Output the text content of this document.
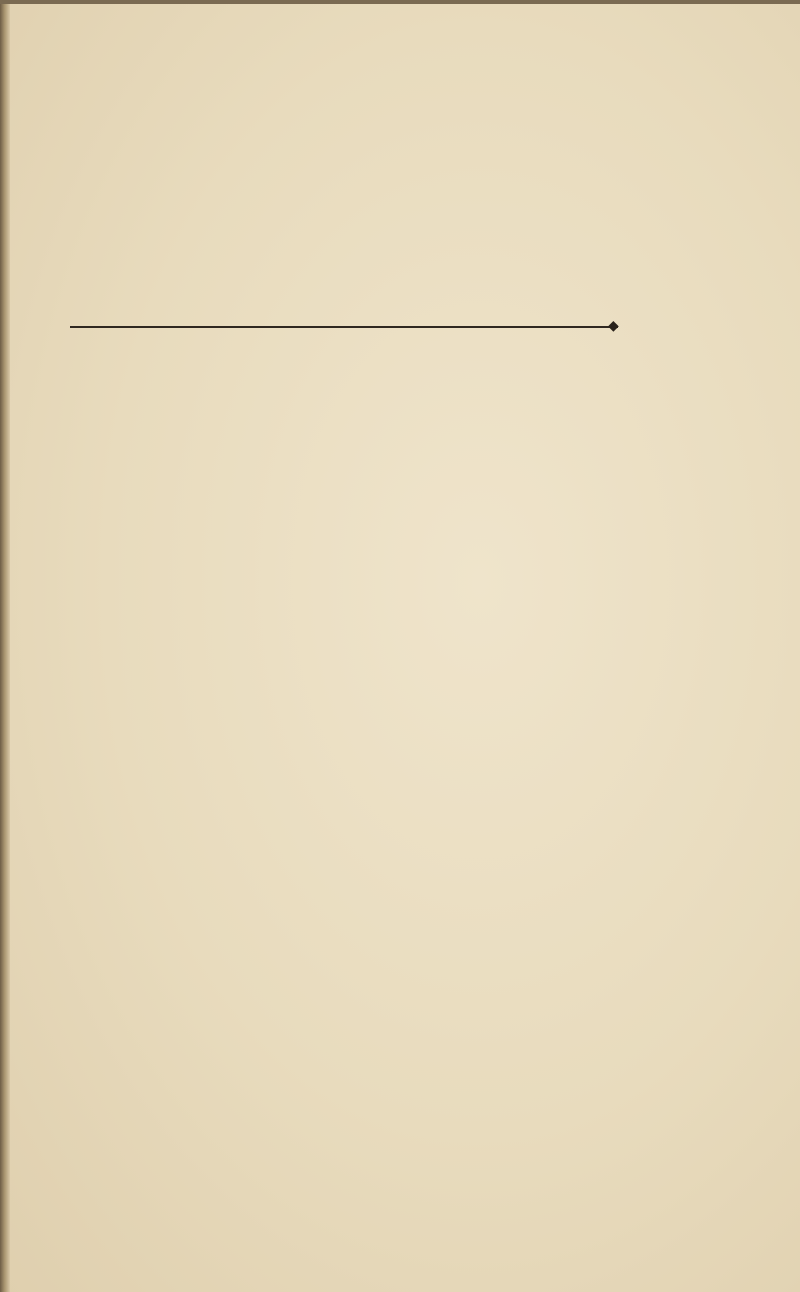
◆
